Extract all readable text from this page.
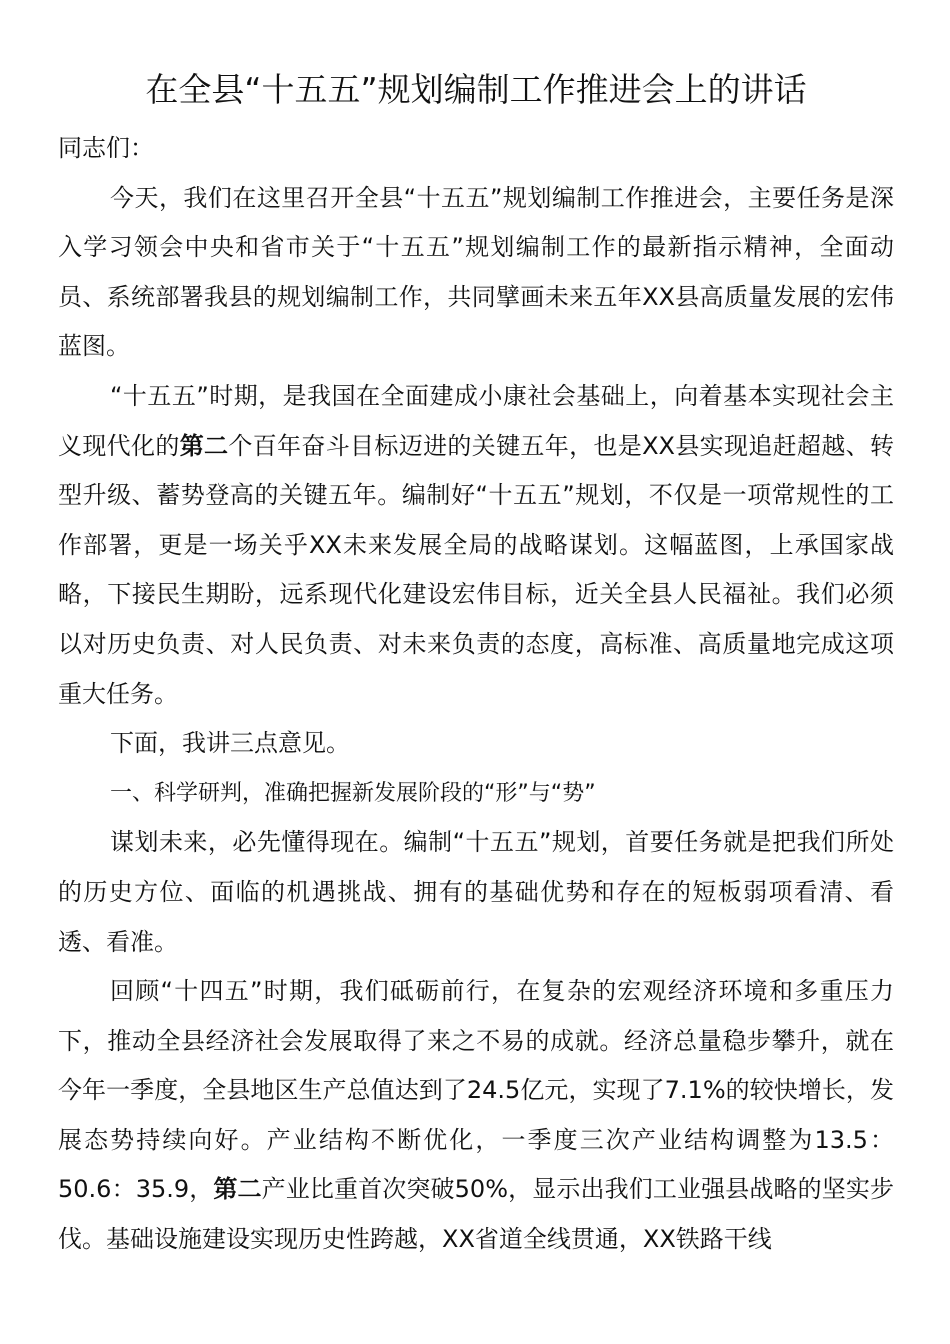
在全县“十五五”规划编制工作推进会上的讲话

同志们：

今天，我们在这里召开全县“十五五”规划编制工作推进会，主要任务是深入学习领会中央和省市关于“十五五”规划编制工作的最新指示精神，全面动员、系统部署我县的规划编制工作，共同擘画未来五年XX县高质量发展的宏伟蓝图。

“十五五”时期，是我国在全面建成小康社会基础上，向着基本实现社会主义现代化的第二个百年奋斗目标迈进的关键五年，也是XX县实现追赶超越、转型升级、蓄势登高的关键五年。编制好“十五五”规划，不仅是一项常规性的工作部署，更是一场关乎XX未来发展全局的战略谋划。这幅蓝图，上承国家战略，下接民生期盼，远系现代化建设宏伟目标，近关全县人民福祉。我们必须以对历史负责、对人民负责、对未来负责的态度，高标准、高质量地完成这项重大任务。

下面，我讲三点意见。

一、科学研判，准确把握新发展阶段的“形”与“势”

谋划未来，必先懂得现在。编制“十五五”规划，首要任务就是把我们所处的历史方位、面临的机遇挑战、拥有的基础优势和存在的短板弱项看清、看透、看准。

回顾“十四五”时期，我们砥砺前行，在复杂的宏观经济环境和多重压力下，推动全县经济社会发展取得了来之不易的成就。经济总量稳步攀升，就在今年一季度，全县地区生产总值达到了24.5亿元，实现了7.1%的较快增长，发展态势持续向好。产业结构不断优化，一季度三次产业结构调整为13.5：50.6：35.9，第二产业比重首次突破50%，显示出我们工业强县战略的坚实步伐。基础设施建设实现历史性跨越，XX省道全线贯通，XX铁路干线
